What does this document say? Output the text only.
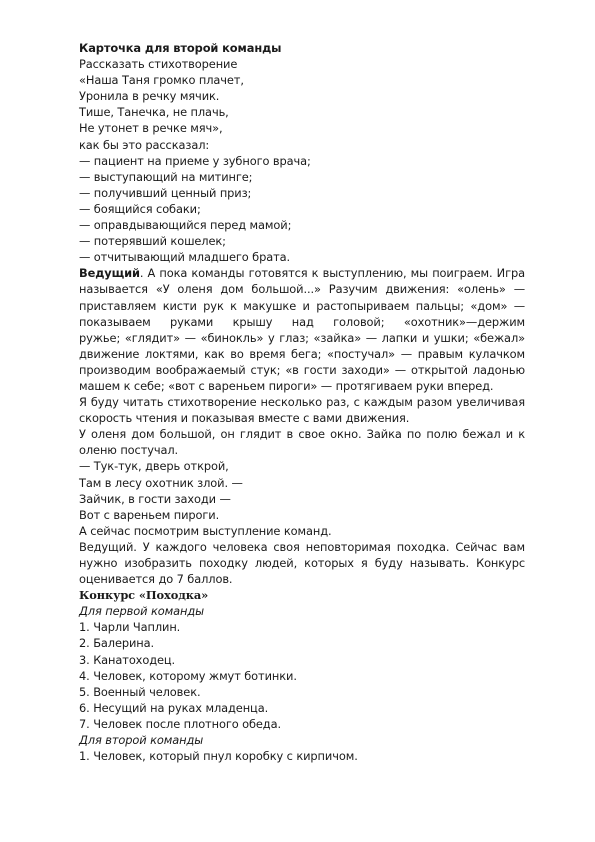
Карточка для второй команды

Рассказать стихотворение

«Наша Таня громко плачет,

Уронила в речку мячик.

Тише, Танечка, не плачь,

Не утонет в речке мяч»,

как бы это рассказал:

— пациент на приеме у зубного врача;

— выступающий на митинге;

— получивший ценный приз;

— боящийся собаки;

— оправдывающийся перед мамой;

— потерявший кошелек;

— отчитывающий младшего брата.

Ведущий. А пока команды готовятся к выступлению, мы поиграем. Игра

называется «У оленя дом большой...» Разучим движения: «олень» —

приставляем кисти рук к макушке и растопыриваем пальцы; «дом» —

показываем руками крышу над головой; «охотник»—держим

ружье; «глядит» — «бинокль» у глаз; «зайка» — лапки и ушки; «бежал»

движение локтями, как во время бега; «постучал» — правым кулачком

производим воображаемый стук; «в гости заходи» — открытой ладонью

машем к себе; «вот с вареньем пироги» — протягиваем руки вперед.

Я буду читать стихотворение несколько раз, с каждым разом увеличивая

скорость чтения и показывая вместе с вами движения.

У оленя дом большой, он глядит в свое окно. Зайка по полю бежал и к

оленю постучал.

— Тук-тук, дверь открой,

Там в лесу охотник злой. —

Зайчик, в гости заходи —

Вот с вареньем пироги.

А сейчас посмотрим выступление команд.

Ведущий. У каждого человека своя неповторимая походка. Сейчас вам

нужно изобразить походку людей, которых я буду называть. Конкурс

оценивается до 7 баллов.

Конкурс «Походка»

Для первой команды

1. Чарли Чаплин.

2. Балерина.

3. Канатоходец.

4. Человек, которому жмут ботинки.

5. Военный человек.

6. Несущий на руках младенца.

7. Человек после плотного обеда.

Для второй команды

1. Человек, который пнул коробку с кирпичом.
